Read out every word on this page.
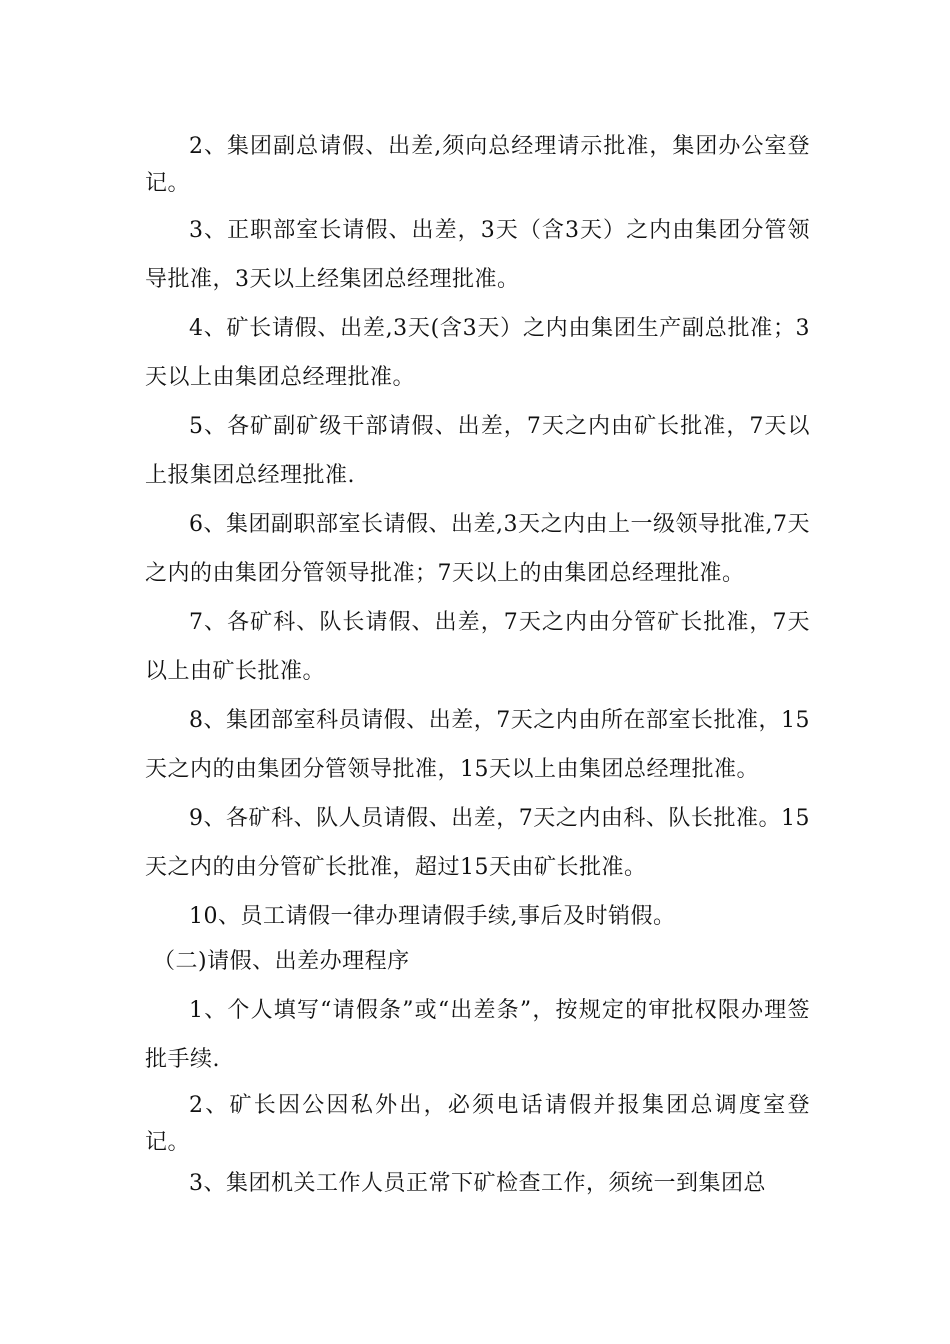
2、集团副总请假、出差,须向总经理请示批准，集团办公室登记。

3、正职部室长请假、出差，3天（含3天）之内由集团分管领导批准，3天以上经集团总经理批准。

4、矿长请假、出差,3天(含3天）之内由集团生产副总批准；3天以上由集团总经理批准。

5、各矿副矿级干部请假、出差，7天之内由矿长批准，7天以上报集团总经理批准.

6、集团副职部室长请假、出差,3天之内由上一级领导批准,7天之内的由集团分管领导批准；7天以上的由集团总经理批准。

7、各矿科、队长请假、出差，7天之内由分管矿长批准，7天以上由矿长批准。

8、集团部室科员请假、出差，7天之内由所在部室长批准，15天之内的由集团分管领导批准，15天以上由集团总经理批准。

9、各矿科、队人员请假、出差，7天之内由科、队长批准。15天之内的由分管矿长批准，超过15天由矿长批准。

10、员工请假一律办理请假手续,事后及时销假。

（二)请假、出差办理程序

1、个人填写“请假条”或“出差条”，按规定的审批权限办理签批手续.

2、矿长因公因私外出，必须电话请假并报集团总调度室登记。

3、集团机关工作人员正常下矿检查工作，须统一到集团总
